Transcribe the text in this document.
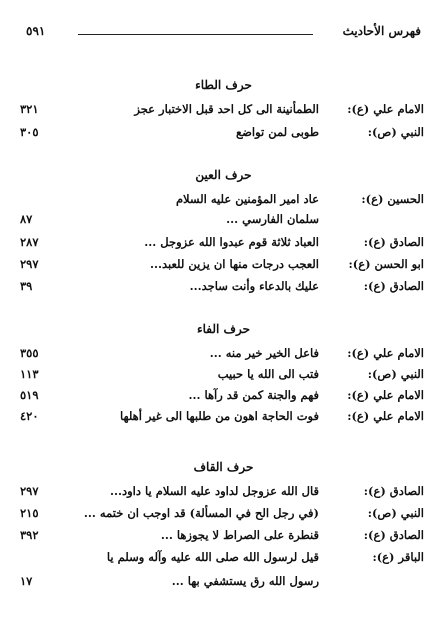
فهرس الأحاديث
٥٩١
حرف الطاء
الامام علي (ع):
الطمأنينة الى كل احد قبل الاختبار عجز
٣٢١
النبي (ص):
طوبى لمن تواضع
٣٠٥
حرف العين
الحسين (ع):
عاد امير المؤمنين عليه السلام
سلمان الفارسي ...
٨٧
الصادق (ع):
العباد ثلاثة قوم عبدوا الله عزوجل ...
٢٨٧
ابو الحسن (ع):
العجب درجات منها ان يزين للعبد...
٢٩٧
الصادق (ع):
عليك بالدعاء وأنت ساجد...
٣٩
حرف الفاء
الامام علي (ع):
فاعل الخير خير منه ...
٣٥٥
النبي (ص):
فتب الى الله يا حبيب
١١٣
الامام علي (ع):
فهم والجنة كمن قد رآها ...
٥١٩
الامام علي (ع):
فوت الحاجة اهون من طلبها الى غير أهلها
٤٢٠
حرف القاف
الصادق (ع):
قال الله عزوجل لداود عليه السلام يا داود...
٢٩٧
النبي (ص):
(في رجل الح في المسألة) قد اوجب ان ختمه ...
٢١٥
الصادق (ع):
قنطرة على الصراط لا يجوزها ...
٣٩٢
الباقر (ع):
قيل لرسول الله صلى الله عليه وآله وسلم يا
رسول الله رق يستشفي بها ...
١٧
